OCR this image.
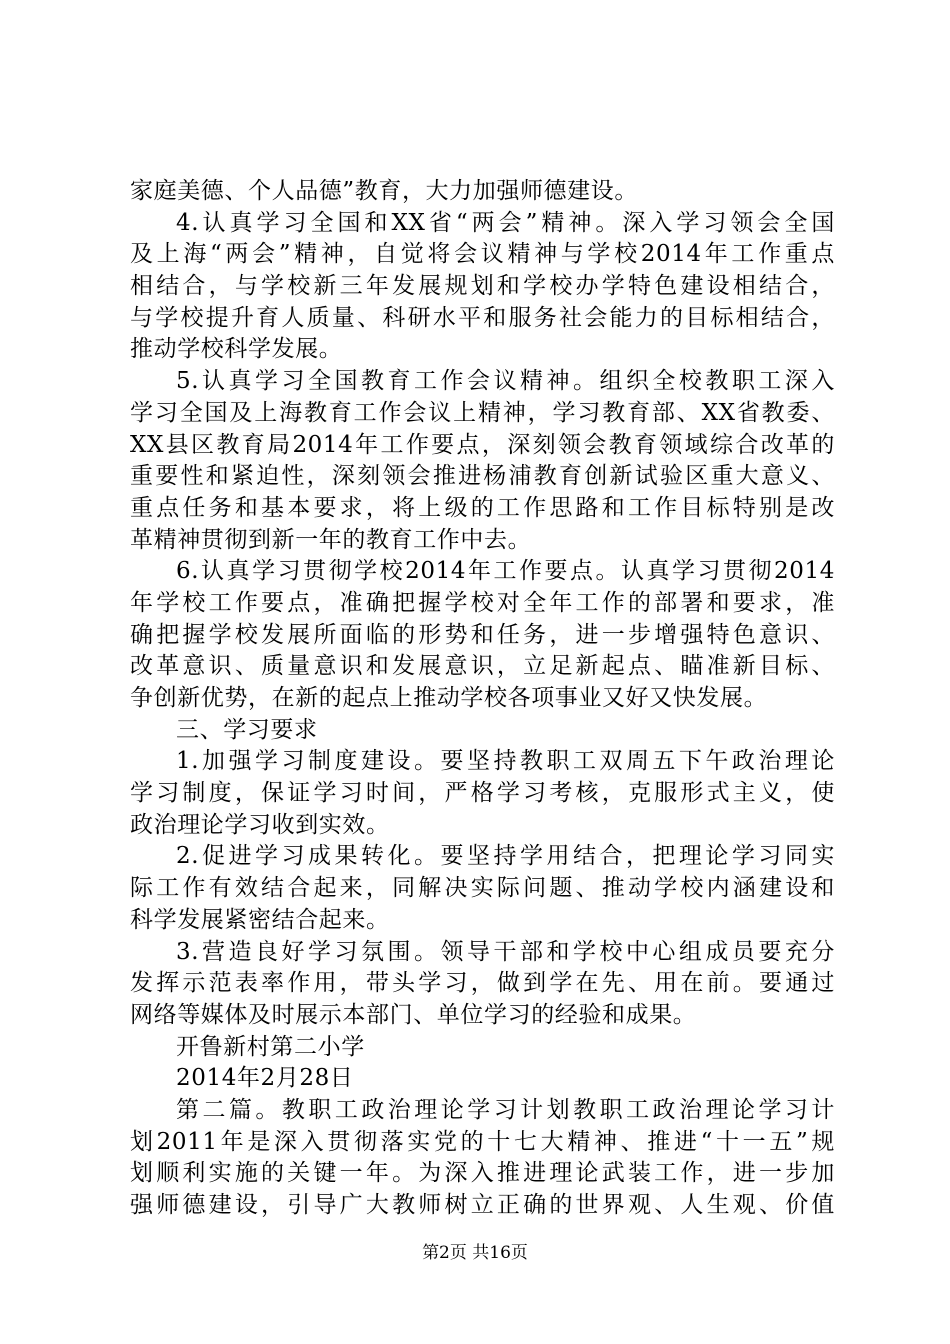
家庭美德、个人品德”教育，大力加强师德建设。
4.认真学习全国和XX省“两会”精神。深入学习领会全国
及上海“两会”精神，自觉将会议精神与学校2014年工作重点
相结合，与学校新三年发展规划和学校办学特色建设相结合，
与学校提升育人质量、科研水平和服务社会能力的目标相结合，
推动学校科学发展。
5.认真学习全国教育工作会议精神。组织全校教职工深入
学习全国及上海教育工作会议上精神，学习教育部、XX省教委、
XX县区教育局2014年工作要点，深刻领会教育领域综合改革的
重要性和紧迫性，深刻领会推进杨浦教育创新试验区重大意义、
重点任务和基本要求，将上级的工作思路和工作目标特别是改
革精神贯彻到新一年的教育工作中去。
6.认真学习贯彻学校2014年工作要点。认真学习贯彻2014
年学校工作要点，准确把握学校对全年工作的部署和要求，准
确把握学校发展所面临的形势和任务，进一步增强特色意识、
改革意识、质量意识和发展意识，立足新起点、瞄准新目标、
争创新优势，在新的起点上推动学校各项事业又好又快发展。
三、学习要求
1.加强学习制度建设。要坚持教职工双周五下午政治理论
学习制度，保证学习时间，严格学习考核，克服形式主义，使
政治理论学习收到实效。
2.促进学习成果转化。要坚持学用结合，把理论学习同实
际工作有效结合起来，同解决实际问题、推动学校内涵建设和
科学发展紧密结合起来。
3.营造良好学习氛围。领导干部和学校中心组成员要充分
发挥示范表率作用，带头学习，做到学在先、用在前。要通过
网络等媒体及时展示本部门、单位学习的经验和成果。
开鲁新村第二小学
2014年2月28日
第二篇。教职工政治理论学习计划教职工政治理论学习计
划2011年是深入贯彻落实党的十七大精神、推进“十一五”规
划顺利实施的关键一年。为深入推进理论武装工作，进一步加
强师德建设，引导广大教师树立正确的世界观、人生观、价值
第2页 共16页
